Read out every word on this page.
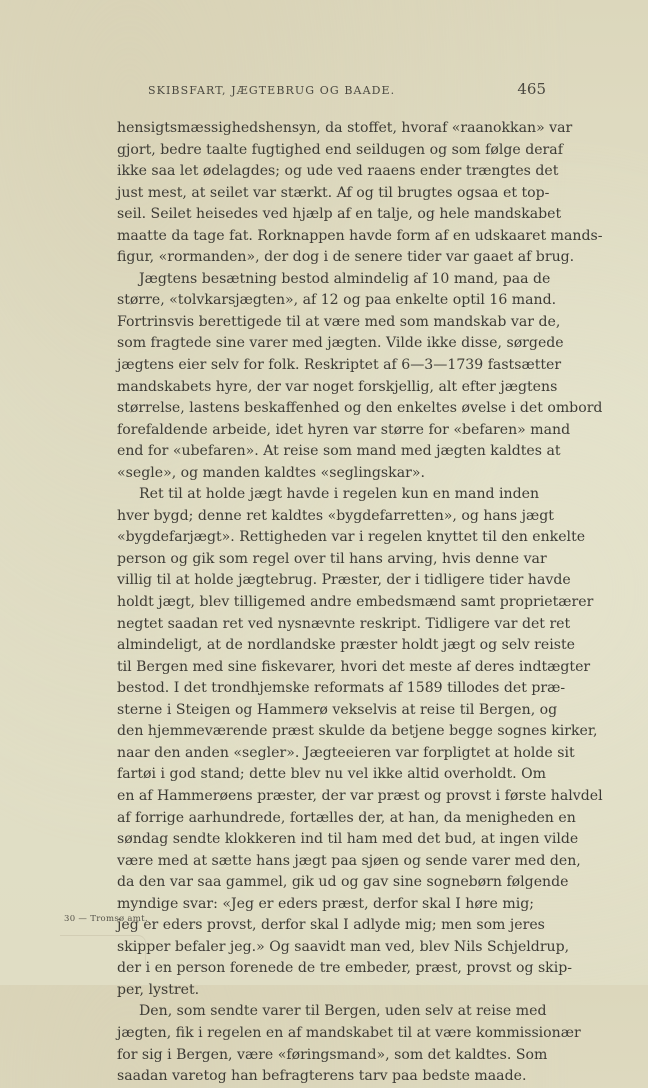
SKIBSFART, JÆGTEBRUG OG BAADE.	465
hensigtsmæssighedshensyn, da stoffet, hvoraf «raanokkan» var
gjort, bedre taalte fugtighed end seildugen og som følge deraf
ikke saa let ødelagdes; og ude ved raaens ender trængtes det
just mest, at seilet var stærkt. Af og til brugtes ogsaa et top-
seil. Seilet heisedes ved hjælp af en talje, og hele mandskabet
maatte da tage fat. Rorknappen havde form af en udskaaret mands-
figur, «rormanden», der dog i de senere tider var gaaet af brug.
Jægtens besætning bestod almindelig af 10 mand, paa de
større, «tolvkarsjægten», af 12 og paa enkelte optil 16 mand.
Fortrinsvis berettigede til at være med som mandskab var de,
som fragtede sine varer med jægten. Vilde ikke disse, sørgede
jægtens eier selv for folk. Reskriptet af 6—3—1739 fastsætter
mandskabets hyre, der var noget forskjellig, alt efter jægtens
størrelse, lastens beskaffenhed og den enkeltes øvelse i det ombord
forefaldende arbeide, idet hyren var større for «befaren» mand
end for «ubefaren». At reise som mand med jægten kaldtes at
«segle», og manden kaldtes «seglingskar».
Ret til at holde jægt havde i regelen kun en mand inden
hver bygd; denne ret kaldtes «bygdefarretten», og hans jægt
«bygdefarjægt». Rettigheden var i regelen knyttet til den enkelte
person og gik som regel over til hans arving, hvis denne var
villig til at holde jægtebrug. Præster, der i tidligere tider havde
holdt jægt, blev tilligemed andre embedsmænd samt proprietærer
negtet saadan ret ved nysnævnte reskript. Tidligere var det ret
almindeligt, at de nordlandske præster holdt jægt og selv reiste
til Bergen med sine fiskevarer, hvori det meste af deres indtægter
bestod. I det trondhjemske reformats af 1589 tillodes det præ-
sterne i Steigen og Hammerø vekselvis at reise til Bergen, og
den hjemmeværende præst skulde da betjene begge sognes kirker,
naar den anden «segler». Jægteeieren var forpligtet at holde sit
fartøi i god stand; dette blev nu vel ikke altid overholdt. Om
en af Hammerøens præster, der var præst og provst i første halvdel
af forrige aarhundrede, fortælles der, at han, da menigheden en
søndag sendte klokkeren ind til ham med det bud, at ingen vilde
være med at sætte hans jægt paa sjøen og sende varer med den,
da den var saa gammel, gik ud og gav sine sognebørn følgende
myndige svar: «Jeg er eders præst, derfor skal I høre mig;
jeg er eders provst, derfor skal I adlyde mig; men som jeres
skipper befaler jeg.» Og saavidt man ved, blev Nils Schjeldrup,
der i en person forenede de tre embeder, præst, provst og skip-
per, lystret.
Den, som sendte varer til Bergen, uden selv at reise med
jægten, fik i regelen en af mandskabet til at være kommissionær
for sig i Bergen, være «føringsmand», som det kaldtes. Som
saadan varetog han befragterens tarv paa bedste maade.
30 — Tromsø amt.
